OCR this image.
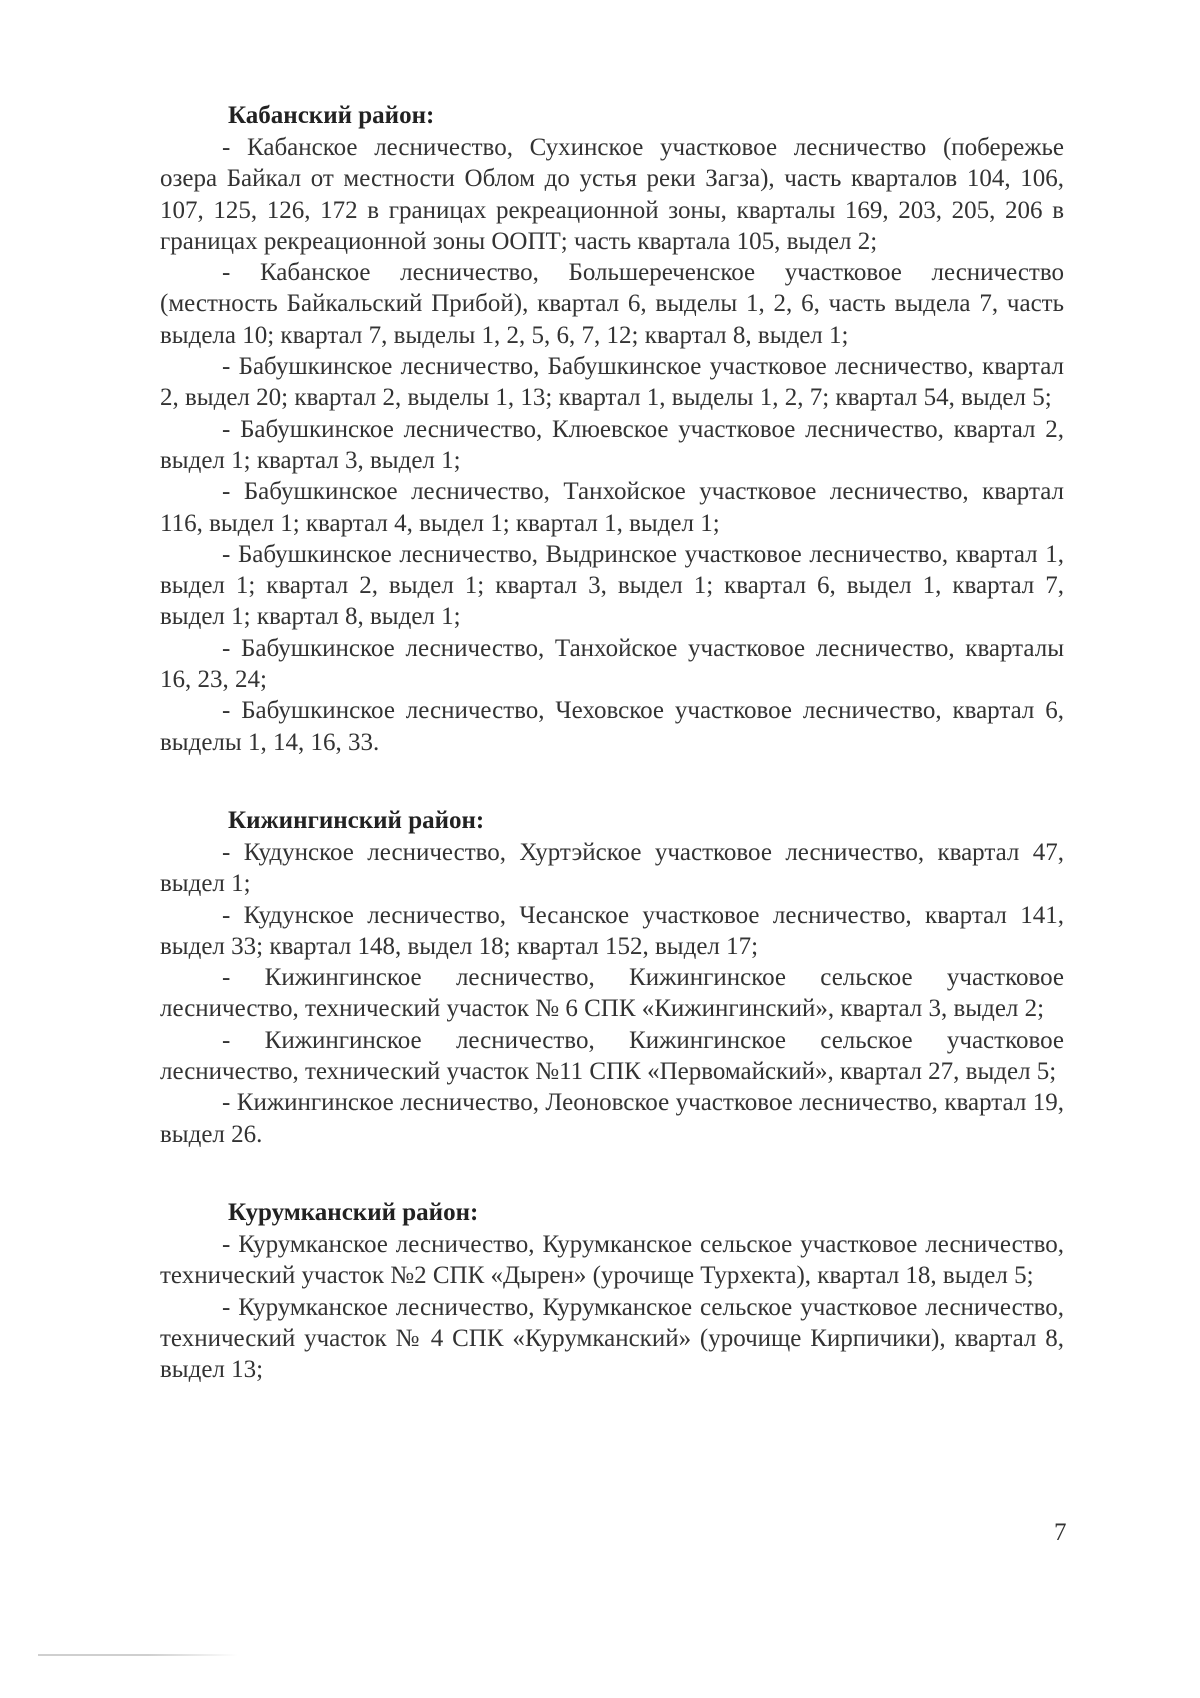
Кабанский район:

- Кабанское лесничество, Сухинское участковое лесничество (побережье озера Байкал от местности Облом до устья реки Загза), часть кварталов 104, 106, 107, 125, 126, 172 в границах рекреационной зоны, кварталы 169, 203, 205, 206 в границах рекреационной зоны ООПТ; часть квартала 105, выдел 2;

- Кабанское лесничество, Большереченское участковое лесничество (местность Байкальский Прибой), квартал 6, выделы 1, 2, 6, часть выдела 7, часть выдела 10; квартал 7, выделы 1, 2, 5, 6, 7, 12; квартал 8, выдел 1;

- Бабушкинское лесничество, Бабушкинское участковое лесничество, квартал 2, выдел 20; квартал 2, выделы 1, 13; квартал 1, выделы 1, 2, 7; квартал 54, выдел 5;

- Бабушкинское лесничество, Клюевское участковое лесничество, квартал 2, выдел 1; квартал 3, выдел 1;

- Бабушкинское лесничество, Танхойское участковое лесничество, квартал 116, выдел 1; квартал 4, выдел 1; квартал 1, выдел 1;

- Бабушкинское лесничество, Выдринское участковое лесничество, квартал 1, выдел 1; квартал 2, выдел 1; квартал 3, выдел 1; квартал 6, выдел 1, квартал 7, выдел 1; квартал 8, выдел 1;

- Бабушкинское лесничество, Танхойское участковое лесничество, кварталы 16, 23, 24;

- Бабушкинское лесничество, Чеховское участковое лесничество, квартал 6, выделы 1, 14, 16, 33.

Кижингинский район:

- Кудунское лесничество, Хуртэйское участковое лесничество, квартал 47, выдел 1;

- Кудунское лесничество, Чесанское участковое лесничество, квартал 141, выдел 33; квартал 148, выдел 18; квартал 152, выдел 17;

- Кижингинское лесничество, Кижингинское сельское участковое лесничество, технический участок № 6 СПК «Кижингинский», квартал 3, выдел 2;

- Кижингинское лесничество, Кижингинское сельское участковое лесничество, технический участок №11 СПК «Первомайский», квартал 27, выдел 5;

- Кижингинское лесничество, Леоновское участковое лесничество, квартал 19, выдел 26.

Курумканский район:

- Курумканское лесничество, Курумканское сельское участковое лесничество, технический участок №2 СПК «Дырен» (урочище Турхекта), квартал 18, выдел 5;

- Курумканское лесничество, Курумканское сельское участковое лесничество, технический участок № 4 СПК «Курумканский» (урочище Кирпичики), квартал 8, выдел 13;

7
